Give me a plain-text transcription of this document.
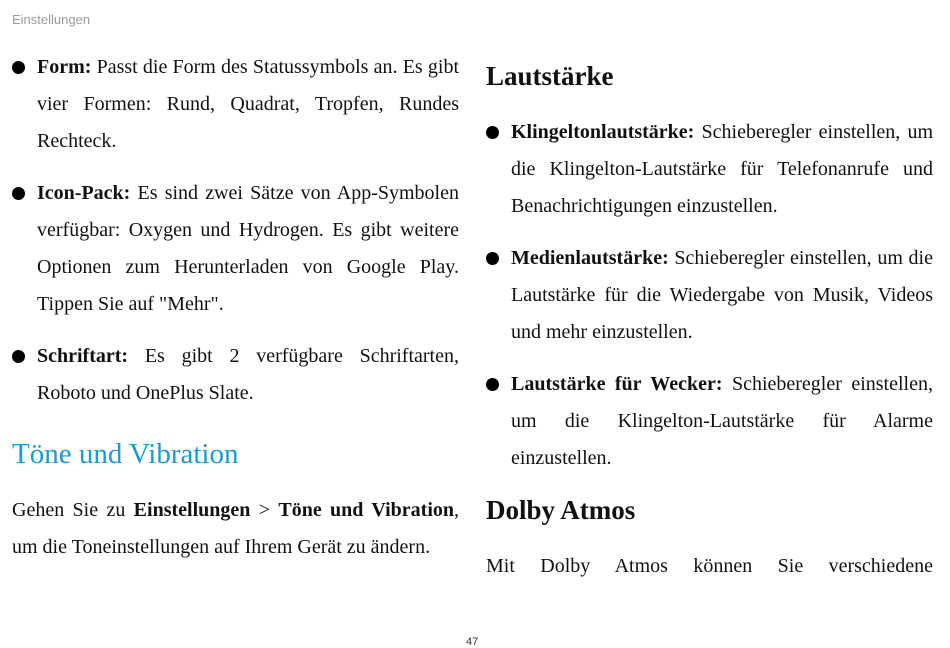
Einstellungen
Form: Passt die Form des Statussymbols an. Es gibt vier Formen: Rund, Quadrat, Tropfen, Rundes Rechteck.
Icon-Pack: Es sind zwei Sätze von App-Symbolen verfügbar: Oxygen und Hydrogen. Es gibt weitere Optionen zum Herunterladen von Google Play. Tippen Sie auf "Mehr".
Schriftart: Es gibt 2 verfügbare Schriftarten, Roboto und OnePlus Slate.
Töne und Vibration

Gehen Sie zu Einstellungen > Töne und Vibration, um die Toneinstellungen auf Ihrem Gerät zu ändern.

Lautstärke
Klingeltonlautstärke: Schieberegler einstellen, um die Klingelton-Lautstärke für Telefonanrufe und Benachrichtigungen einzustellen.
Medienlautstärke: Schieberegler einstellen, um die Lautstärke für die Wiedergabe von Musik, Videos und mehr einzustellen.
Lautstärke für Wecker: Schieberegler einstellen, um die Klingelton-Lautstärke für Alarme einzustellen.
Dolby Atmos

Mit Dolby Atmos können Sie verschiedene

47
